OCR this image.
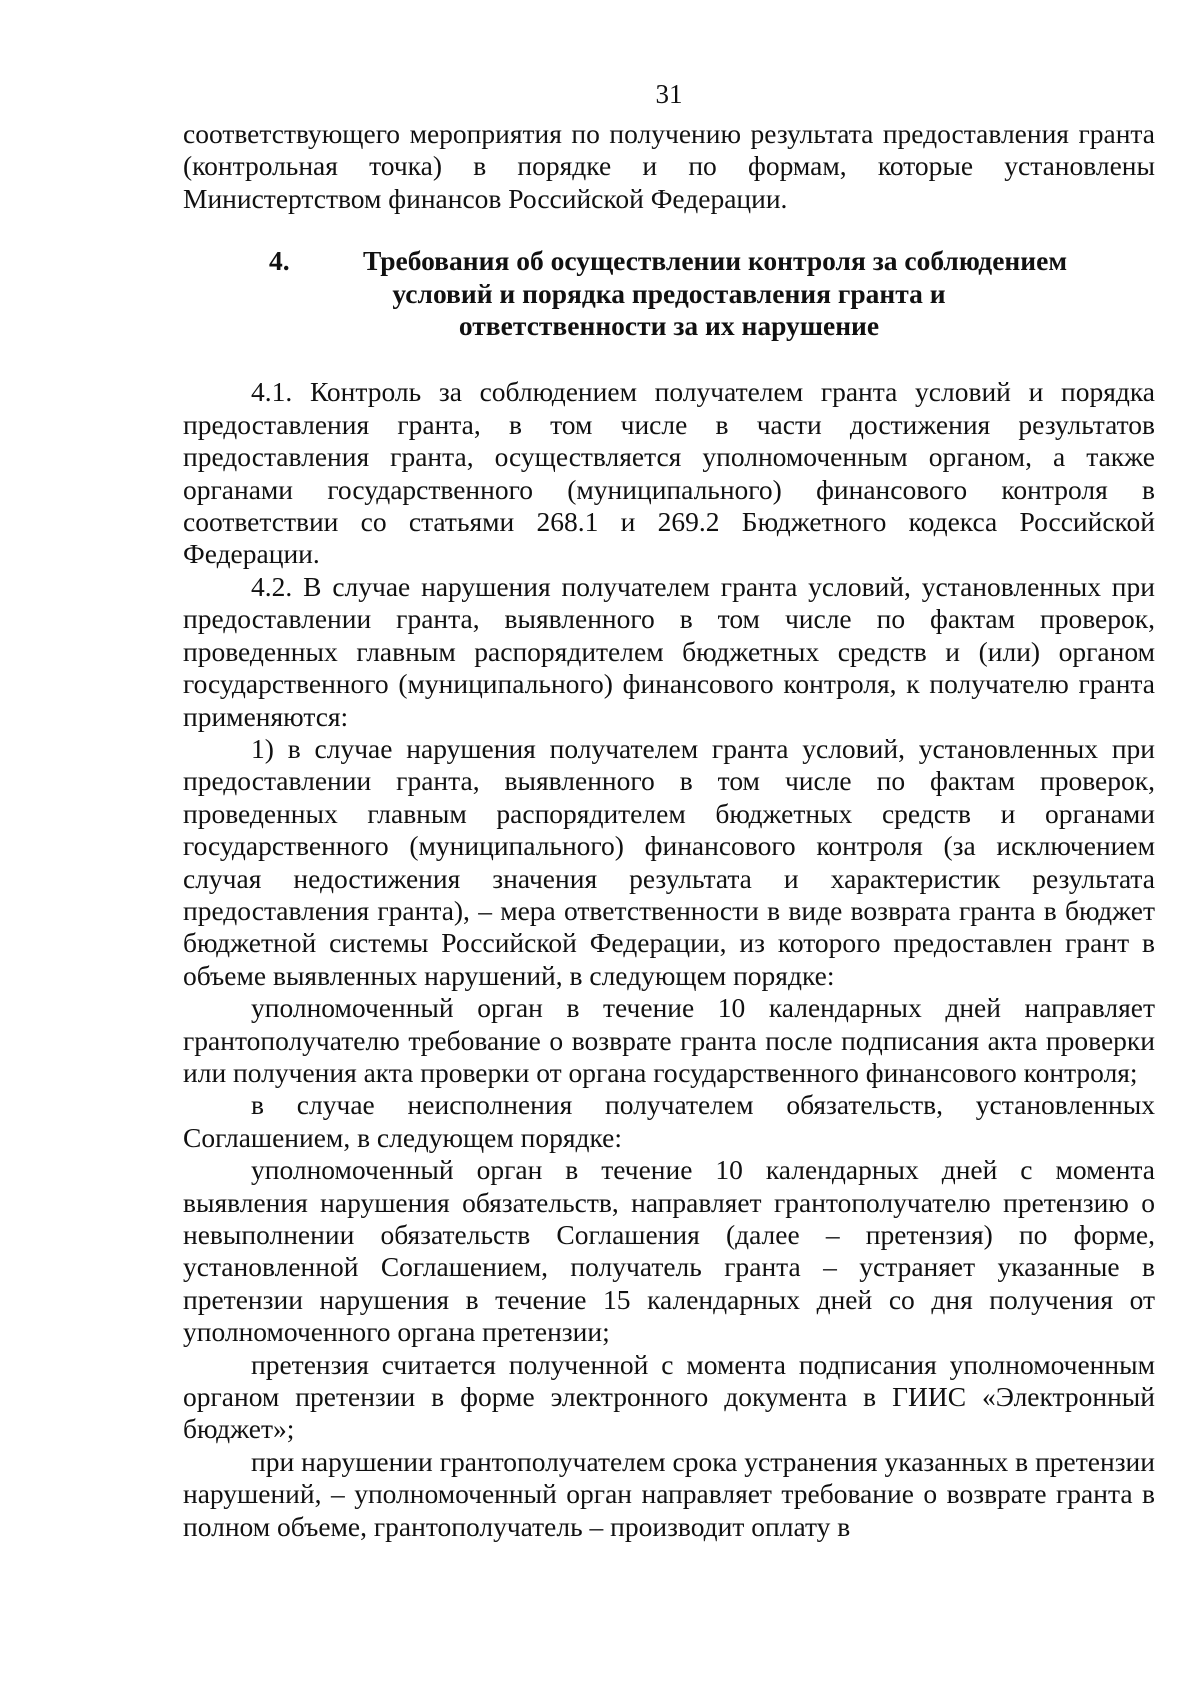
31

соответствующего мероприятия по получению результата предоставления гранта (контрольная точка) в порядке и по формам, которые установлены Министертством финансов Российской Федерации.

4.	Требования об осуществлении контроля за соблюдением
условий и порядка предоставления гранта и
ответственности за их нарушение

4.1. Контроль за соблюдением получателем гранта условий и порядка предоставления гранта, в том числе в части достижения результатов предоставления гранта, осуществляется уполномоченным органом, а также органами государственного (муниципального) финансового контроля в соответствии со статьями 268.1 и 269.2 Бюджетного кодекса Российской Федерации.

4.2. В случае нарушения получателем гранта условий, установленных при предоставлении гранта, выявленного в том числе по фактам проверок, проведенных главным распорядителем бюджетных средств и (или) органом государственного (муниципального) финансового контроля, к получателю гранта применяются:

1) в случае нарушения получателем гранта условий, установленных при предоставлении гранта, выявленного в том числе по фактам проверок, проведенных главным распорядителем бюджетных средств и органами государственного (муниципального) финансового контроля (за исключением случая недостижения значения результата и характеристик результата предоставления гранта), – мера ответственности в виде возврата гранта в бюджет бюджетной системы Российской Федерации, из которого предоставлен грант в объеме выявленных нарушений, в следующем порядке:

уполномоченный орган в течение 10 календарных дней направляет грантополучателю требование о возврате гранта после подписания акта проверки или получения акта проверки от органа государственного финансового контроля;

в случае неисполнения получателем обязательств, установленных Соглашением, в следующем порядке:

уполномоченный орган в течение 10 календарных дней с момента выявления нарушения обязательств, направляет грантополучателю претензию о невыполнении обязательств Соглашения (далее – претензия) по форме, установленной Соглашением, получатель гранта – устраняет указанные в претензии нарушения в течение 15 календарных дней со дня получения от уполномоченного органа претензии;

претензия считается полученной с момента подписания уполномоченным органом претензии в форме электронного документа в ГИИС «Электронный бюджет»;

при нарушении грантополучателем срока устранения указанных в претензии нарушений, – уполномоченный орган направляет требование о возврате гранта в полном объеме, грантополучатель – производит оплату в
